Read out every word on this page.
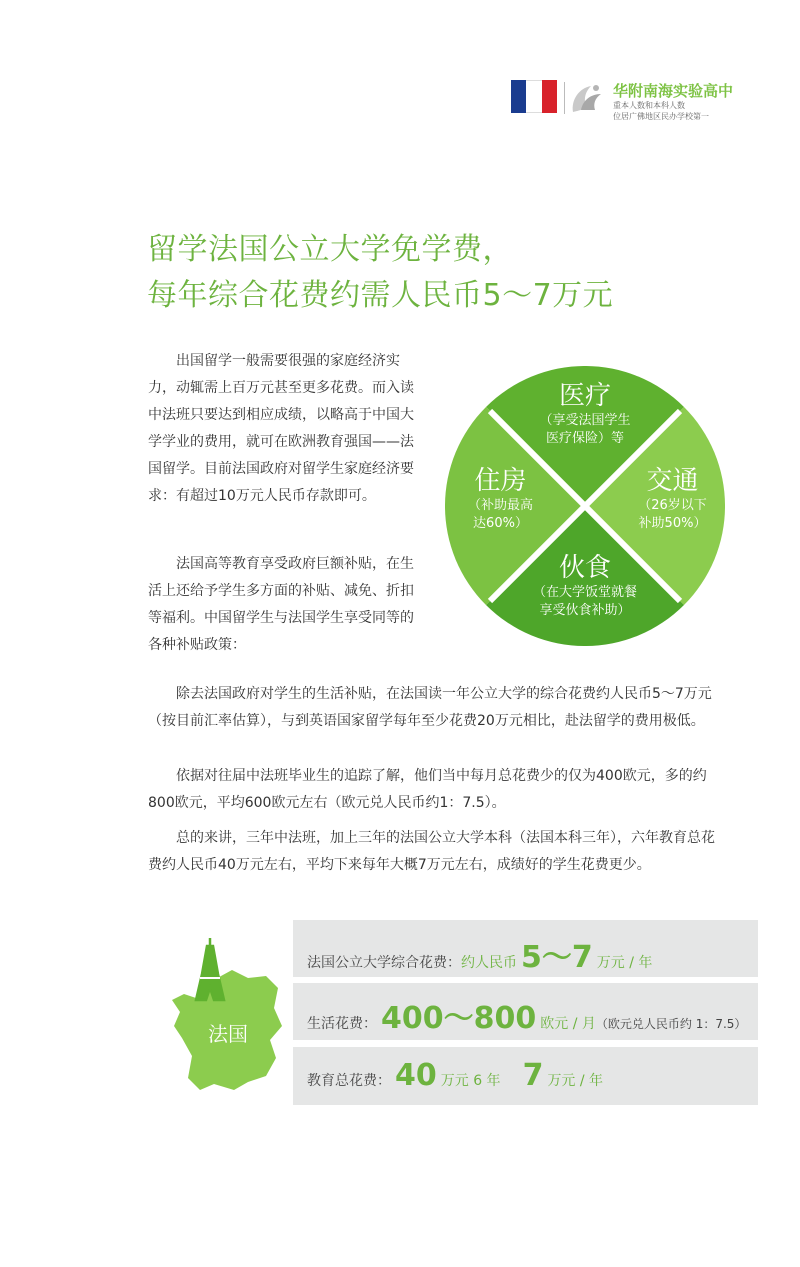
华附南海实验高中
重本人数和本科人数
位居广佛地区民办学校第一
留学法国公立大学免学费，
每年综合花费约需人民币5～7万元

出国留学一般需要很强的家庭经济实力，动辄需上百万元甚至更多花费。而入读中法班只要达到相应成绩，以略高于中国大学学业的费用，就可在欧洲教育强国——法国留学。目前法国政府对留学生家庭经济要求：有超过10万元人民币存款即可。

法国高等教育享受政府巨额补贴，在生活上还给予学生多方面的补贴、减免、折扣等福利。中国留学生与法国学生享受同等的各种补贴政策：

医疗
（享受法国学生
医疗保险）等
住房
（补助最高
达60%）
交通
（26岁以下
补助50%）
伙食
（在大学饭堂就餐
享受伙食补助）

除去法国政府对学生的生活补贴，在法国读一年公立大学的综合花费约人民币5～7万元（按目前汇率估算），与到英语国家留学每年至少花费20万元相比，赴法留学的费用极低。

依据对往届中法班毕业生的追踪了解，他们当中每月总花费少的仅为400欧元，多的约800欧元，平均600欧元左右（欧元兑人民币约1：7.5）。

总的来讲，三年中法班，加上三年的法国公立大学本科（法国本科三年），六年教育总花费约人民币40万元左右，平均下来每年大概7万元左右，成绩好的学生花费更少。

法国
法国公立大学综合花费： 约人民币 5～7 万元 / 年
生活花费： 400～800 欧元 / 月 （欧元兑人民币约 1：7.5）
教育总花费： 40 万元 6 年 7 万元 / 年
